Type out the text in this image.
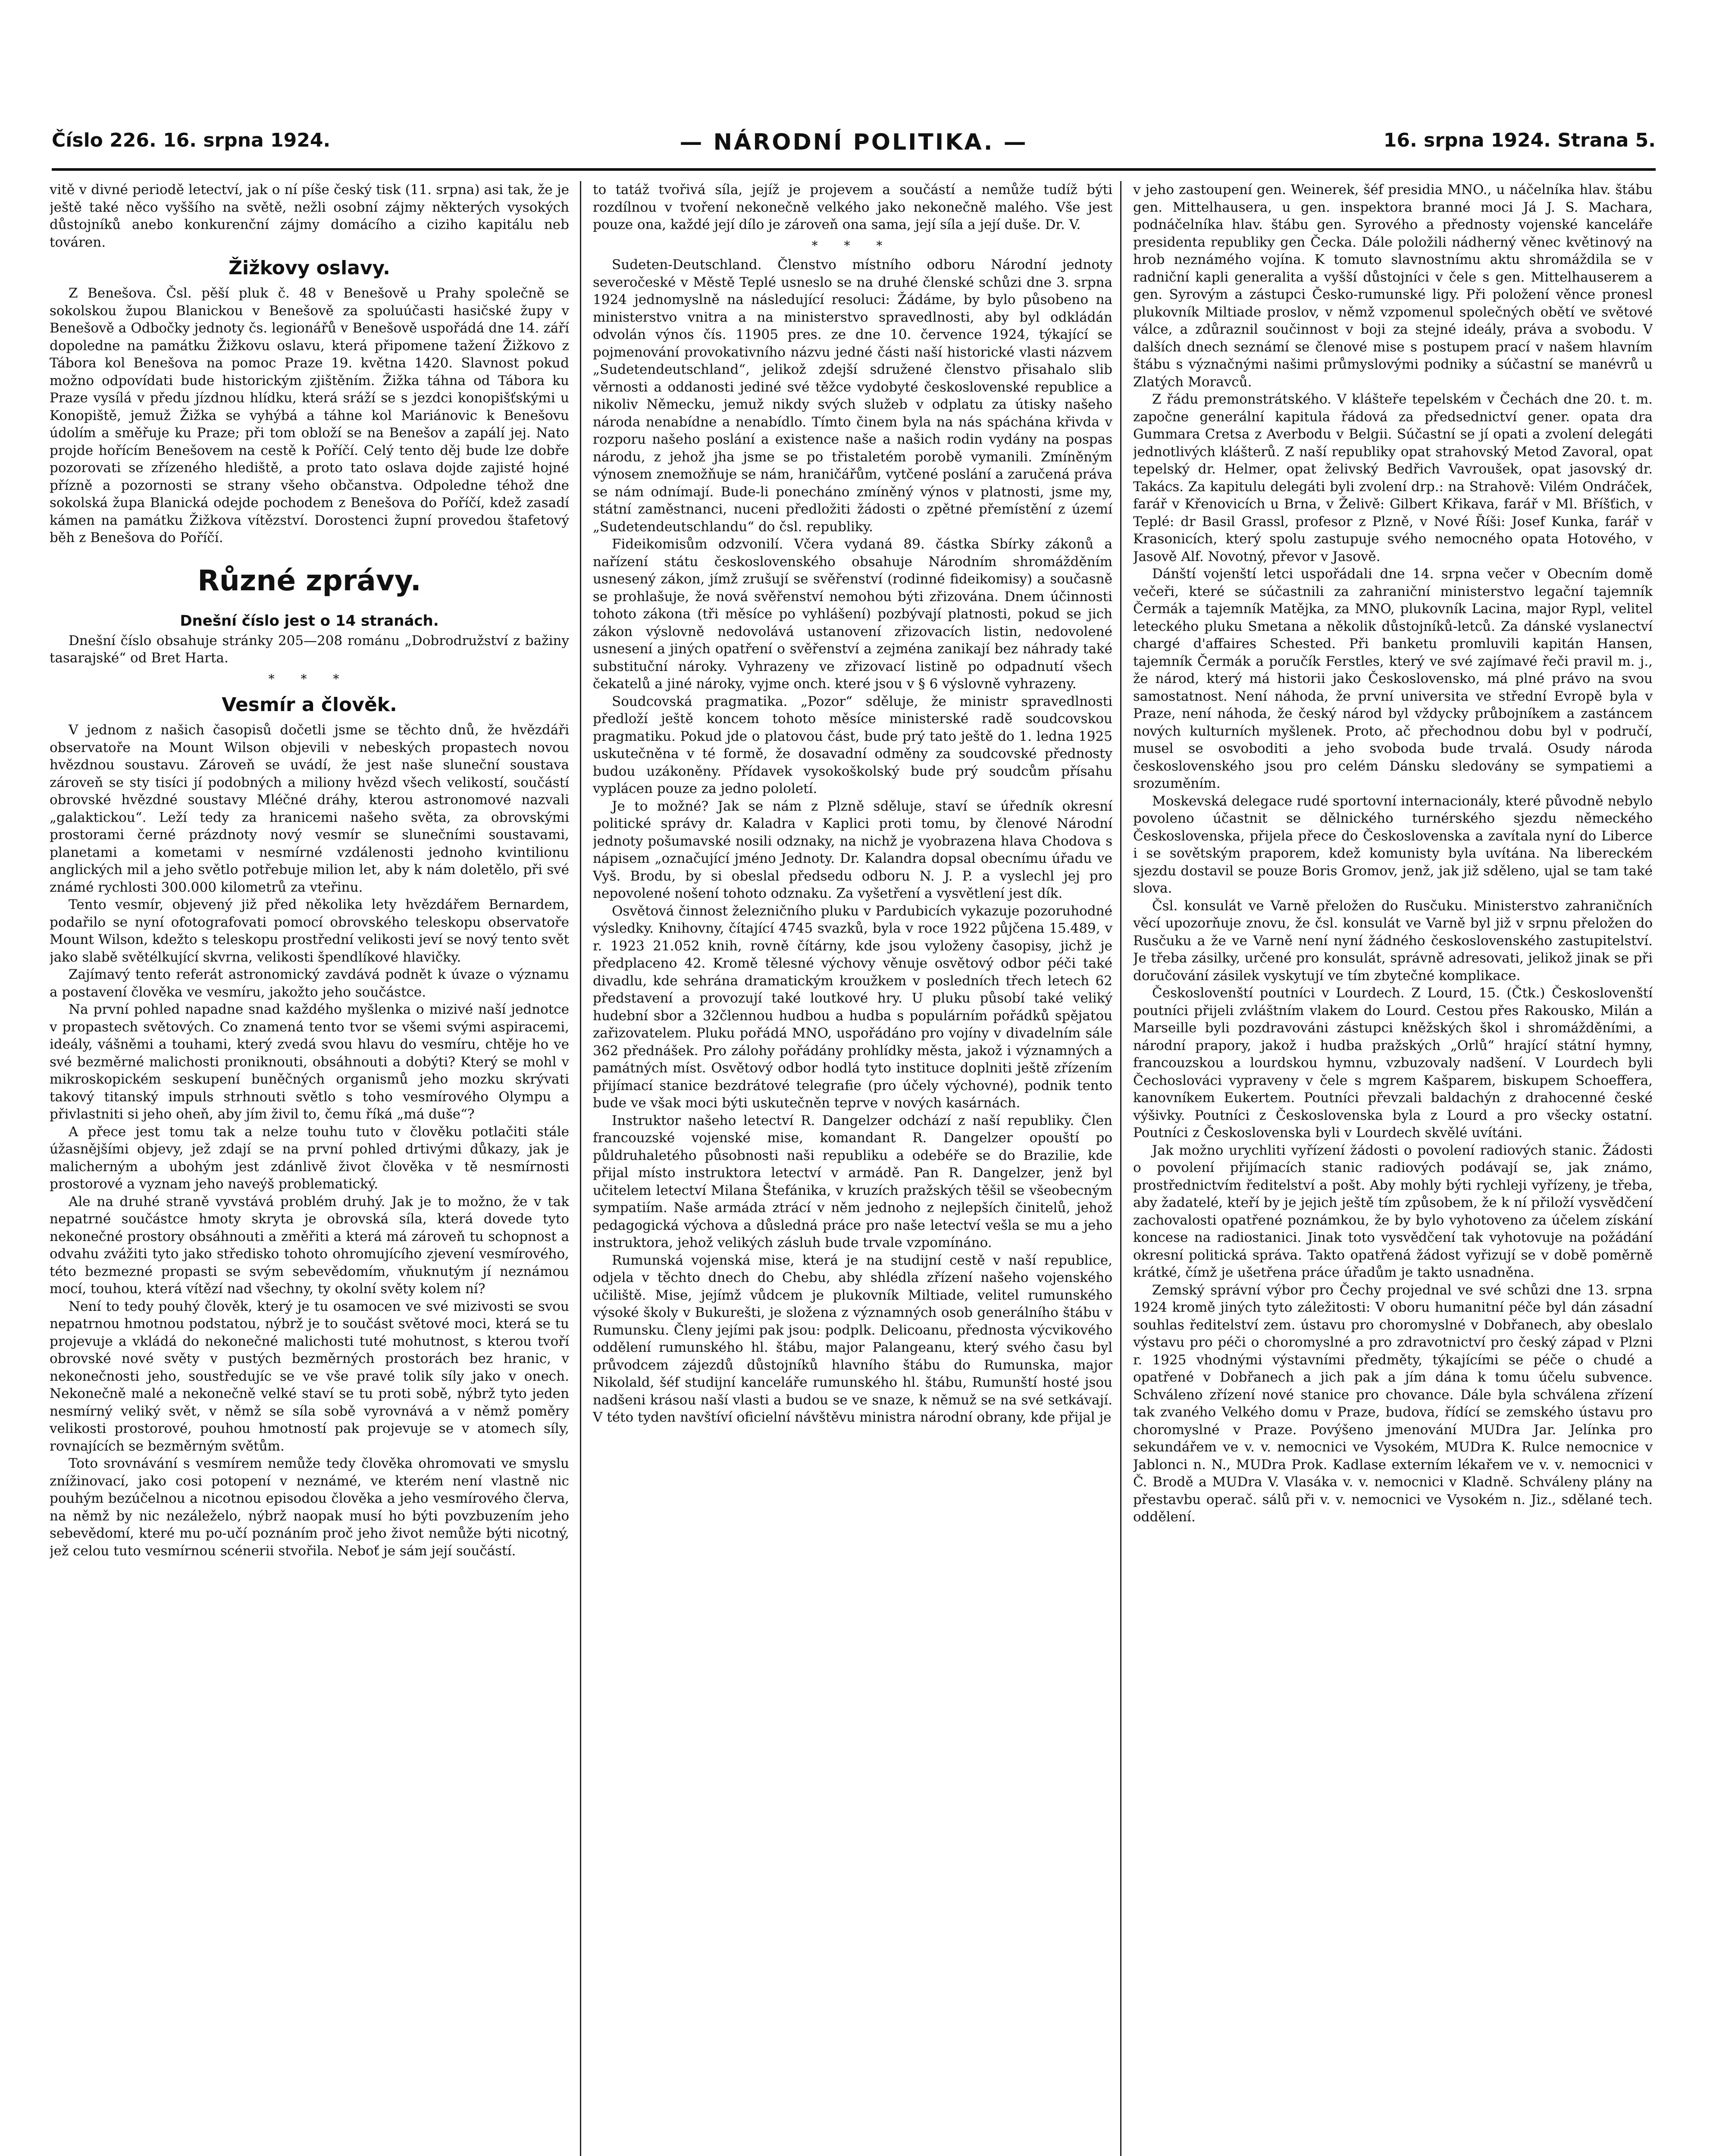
Číslo 226. 16. srpna 1924.	— NÁRODNÍ POLITIKA. —	16. srpna 1924. Strana 5.

vitě v divné periodě letectví, jak o ní píše český tisk (11. srpna) asi tak, že je ještě také něco vyššího na světě, nežli osobní zájmy některých vysokých důstojníků anebo konkurenční zájmy domácího a ciziho kapitálu neb továren.

Žižkovy oslavy.

Z Benešova. Čsl. pěší pluk č. 48 v Benešově u Prahy společně se sokolskou župou Blanickou v Benešově za spoluúčasti hasičské župy v Benešově a Odbočky jednoty čs. legionářů v Benešově uspořádá dne 14. září dopoledne na památku Žižkovu oslavu, která připomene tažení Žižkovo z Tábora kol Benešova na pomoc Praze 19. května 1420. Slavnost pokud možno odpovídati bude historickým zjištěním. Žižka táhna od Tábora ku Praze vysílá v předu jízdnou hlídku, která sráží se s jezdci konopišťskými u Konopiště, jemuž Žižka se vyhýbá a táhne kol Mariánovic k Benešovu údolím a směřuje ku Praze; při tom obloží se na Benešov a zapálí jej. Nato projde hořícím Benešovem na cestě k Poříčí. Celý tento děj bude lze dobře pozorovati se zřízeného hlediště, a proto tato oslava dojde zajisté hojné přízně a pozornosti se strany všeho občanstva. Odpoledne téhož dne sokolská župa Blanická odejde pochodem z Benešova do Poříčí, kdež zasadí kámen na památku Žižkova vítězství. Dorostenci župní provedou štafetový běh z Benešova do Poříčí.

Různé zprávy.
Dnešní číslo jest o 14 stranách.

Dnešní číslo obsahuje stránky 205—208 románu „Dobrodružství z bažiny tasarajské“ od Bret Harta.

* * *
Vesmír a člověk.

V jednom z našich časopisů dočetli jsme se těchto dnů, že hvězdáři observatoře na Mount Wilson objevili v nebeských propastech novou hvězdnou soustavu. Zároveň se uvádí, že jest naše sluneční soustava zároveň se sty tisíci jí podobných a miliony hvězd všech velikostí, součástí obrovské hvězdné soustavy Mléčné dráhy, kterou astronomové nazvali „galaktickou“. Leží tedy za hranicemi našeho světa, za obrovskými prostorami černé prázdnoty nový vesmír se slunečními soustavami, planetami a kometami v nesmírné vzdálenosti jednoho kvintilionu anglických mil a jeho světlo potřebuje milion let, aby k nám doletělo, při své známé rychlosti 300.000 kilometrů za vteřinu.

Tento vesmír, objevený již před několika lety hvězdářem Bernardem, podařilo se nyní ofotografovati pomocí obrovského teleskopu observatoře Mount Wilson, kdežto s teleskopu prostřední velikosti jeví se nový tento svět jako slabě světélkující skvrna, velikosti špendlíkové hlavičky.

Zajímavý tento referát astronomický zavdává podnět k úvaze o významu a postavení člověka ve vesmíru, jakožto jeho součástce.

Na první pohled napadne snad každého myšlenka o mizivé naší jednotce v propastech světových. Co znamená tento tvor se všemi svými aspiracemi, ideály, vášněmi a touhami, který zvedá svou hlavu do vesmíru, chtěje ho ve své bezměrné malichosti proniknouti, obsáhnouti a dobýti? Který se mohl v mikroskopickém seskupení buněčných organismů jeho mozku skrývati takový titanský impuls strhnouti světlo s toho vesmírového Olympu a přivlastniti si jeho oheň, aby jím živil to, čemu říká „má duše“?

A přece jest tomu tak a nelze touhu tuto v člověku potlačiti stále úžasnějšími objevy, jež zdají se na první pohled drtivými důkazy, jak je malicherným a ubohým jest zdánlivě život člověka v tě nesmírnosti prostorové a vyznam jeho naveýš problematický.

Ale na druhé straně vyvstává problém druhý. Jak je to možno, že v tak nepatrné součástce hmoty skryta je obrovská síla, která dovede tyto nekonečné prostory obsáhnouti a změřiti a která má zároveň tu schopnost a odvahu zvážiti tyto jako středisko tohoto ohromujícího zjevení vesmírového, této bezmezné propasti se svým sebevědomím, vňuknutým jí neznámou mocí, touhou, která vítězí nad všechny, ty okolní světy kolem ní?

Není to tedy pouhý člověk, který je tu osamocen ve své mizivosti se svou nepatrnou hmotnou podstatou, nýbrž je to součást světové moci, která se tu projevuje a vkládá do nekonečné malichosti tuté mohutnost, s kterou tvoří obrovské nové světy v pustých bezměrných prostorách bez hranic, v nekonečnosti jeho, soustředujíc se ve vše pravé tolik síly jako v onech. Nekonečně malé a nekonečně velké staví se tu proti sobě, nýbrž tyto jeden nesmírný veliký svět, v němž se síla sobě vyrovnává a v němž poměry velikosti prostorové, pouhou hmotností pak projevuje se v atomech síly, rovnajících se bezměrným světům.

Toto srovnávání s vesmírem nemůže tedy člověka ohromovati ve smyslu znížinovací, jako cosi potopení v neznámé, ve kterém není vlastně nic pouhým bezúčelnou a nicotnou episodou člověka a jeho vesmírového člerva, na němž by nic nezáleželo, nýbrž naopak musí ho býti povzbuzením jeho sebevědomí, které mu po-učí poznáním proč jeho život nemůže býti nicotný, jež celou tuto vesmírnou scénerii stvořila. Neboť je sám její součástí.

to tatáž tvořivá síla, jejíž je projevem a součástí a nemůže tudíž býti rozdílnou v tvoření nekonečně velkého jako nekonečně malého. Vše jest pouze ona, každé její dílo je zároveň ona sama, její síla a její duše. Dr. V.

* * *

Sudeten-Deutschland. Členstvo místního odboru Národní jednoty severočeské v Městě Teplé usneslo se na druhé členské schůzi dne 3. srpna 1924 jednomyslně na následující resoluci: Žádáme, by bylo působeno na ministerstvo vnitra a na ministerstvo spravedlnosti, aby byl odkládán odvolán výnos čís. 11905 pres. ze dne 10. července 1924, týkající se pojmenování provokativního názvu jedné části naší historické vlasti názvem „Sudetendeutschland“, jelikož zdejší sdružené členstvo přisahalo slib věrnosti a oddanosti jediné své těžce vydobyté československé republice a nikoliv Německu, jemuž nikdy svých služeb v odplatu za útisky našeho národa nenabídne a nenabídlo. Tímto činem byla na nás spáchána křivda v rozporu našeho poslání a existence naše a našich rodin vydány na pospas národu, z jehož jha jsme se po třistaletém porobě vymanili. Zmíněným výnosem znemožňuje se nám, hraničářům, vytčené poslání a zaručená práva se nám odnímají. Bude-li ponecháno zmíněný výnos v platnosti, jsme my, státní zaměstnanci, nuceni předložiti žádosti o zpětné přemístění z území „Sudetendeutschlandu“ do čsl. republiky.

Fideikomisům odzvonilí. Včera vydaná 89. částka Sbírky zákonů a nařízení státu československého obsahuje Národním shromážděním usnesený zákon, jímž zrušují se svěřenství (rodinné fideikomisy) a současně se prohlašuje, že nová svěřenství nemohou býti zřizována. Dnem účinnosti tohoto zákona (tři měsíce po vyhlášení) pozbývají platnosti, pokud se jich zákon výslovně nedovolává ustanovení zřizovacích listin, nedovolené usnesení a jiných opatření o svěřenství a zejména zanikají bez náhrady také substituční nároky. Vyhrazeny ve zřizovací listině po odpadnutí všech čekatelů a jiné nároky, vyjme onch. které jsou v § 6 výslovně vyhrazeny.

Soudcovská pragmatika. „Pozor“ sděluje, že ministr spravedlnosti předloží ještě koncem tohoto měsíce ministerské radě soudcovskou pragmatiku. Pokud jde o platovou část, bude prý tato ještě do 1. ledna 1925 uskutečněna v té formě, že dosavadní odměny za soudcovské přednosty budou uzákoněny. Přídavek vysokoškolský bude prý soudcům přísahu vyplácen pouze za jedno pololetí.

Je to možné? Jak se nám z Plzně sděluje, staví se úředník okresní politické správy dr. Kaladra v Kaplici proti tomu, by členové Národní jednoty pošumavské nosili odznaky, na nichž je vyobrazena hlava Chodova s nápisem „označující jméno Jednoty. Dr. Kalandra dopsal obecnímu úřadu ve Vyš. Brodu, by si obeslal předsedu odboru N. J. P. a vyslechl jej pro nepovolené nošení tohoto odznaku. Za vyšetření a vysvětlení jest dík.

Osvětová činnost železničního pluku v Pardubicích vykazuje pozoruhodné výsledky. Knihovny, čítající 4745 svazků, byla v roce 1922 půjčena 15.489, v r. 1923 21.052 knih, rovně čítárny, kde jsou vyloženy časopisy, jichž je předplaceno 42. Kromě tělesné výchovy věnuje osvětový odbor péči také divadlu, kde sehrána dramatickým kroužkem v posledních třech letech 62 představení a provozují také loutkové hry. U pluku působí také veliký hudební sbor a 32člennou hudbou a hudba s populárním pořádků spějatou zařizovatelem. Pluku pořádá MNO, uspořádáno pro vojíny v divadelním sále 362 přednášek. Pro zálohy pořádány prohlídky města, jakož i významných a památných míst. Osvětový odbor hodlá tyto instituce doplniti ještě zřízením přijímací stanice bezdrátové telegrafie (pro účely výchovné), podnik tento bude ve však moci býti uskutečněn teprve v nových kasárnách.

Instruktor našeho letectví R. Dangelzer odchází z naší republiky. Člen francouzské vojenské mise, komandant R. Dangelzer opouští po půldruhaletého působnosti naši republiku a odebéře se do Brazilie, kde přijal místo instruktora letectví v armádě. Pan R. Dangelzer, jenž byl učitelem letectví Milana Štefánika, v kruzích pražských těšil se všeobecným sympatiím. Naše armáda ztrácí v něm jednoho z nejlepších činitelů, jehož pedagogická výchova a důsledná práce pro naše letectví vešla se mu a jeho instruktora, jehož velikých zásluh bude trvale vzpomínáno.

Rumunská vojenská mise, která je na studijní cestě v naší republice, odjela v těchto dnech do Chebu, aby shlédla zřízení našeho vojenského učiliště. Mise, jejímž vůdcem je plukovník Miltiade, velitel rumunského výsoké školy v Bukurešti, je složena z významných osob generálního štábu v Rumunsku. Členy jejími pak jsou: podplk. Delicoanu, přednosta výcvikového oddělení rumunského hl. štábu, major Palangeanu, který svého času byl průvodcem zájezdů důstojníků hlavního štábu do Rumunska, major Nikolald, šéf studijní kanceláře rumunského hl. štábu, Rumunští hosté jsou nadšeni krásou naší vlasti a budou se ve snaze, k němuž se na své setkávají. V této tyden navštíví oficielní návštěvu ministra národní obrany, kde přijal je

v jeho zastoupení gen. Weinerek, šéf presidia MNO., u náčelníka hlav. štábu gen. Mittelhausera, u gen. inspektora branné moci Já J. S. Machara, podnáčelníka hlav. štábu gen. Syrového a přednosty vojenské kanceláře presidenta republiky gen Čecka. Dále položili nádherný věnec květinový na hrob neznámého vojína. K tomuto slavnostnímu aktu shromáždila se v radniční kapli generalita a vyšší důstojníci v čele s gen. Mittelhauserem a gen. Syrovým a zástupci Česko-rumunské ligy. Při položení věnce pronesl plukovník Miltiade proslov, v němž vzpomenul společných obětí ve světové válce, a zdůraznil součinnost v boji za stejné ideály, práva a svobodu. V dalších dnech seznámí se členové mise s postupem prací v našem hlavním štábu s význačnými našimi průmyslovými podniky a súčastní se manévrů u Zlatých Moravců.

Z řádu premonstrátského. V klášteře tepelském v Čechách dne 20. t. m. započne generální kapitula řádová za předsednictví gener. opata dra Gummara Cretsa z Averbodu v Belgii. Súčastní se jí opati a zvolení delegáti jednotlivých klášterů. Z naší republiky opat strahovský Metod Zavoral, opat tepelský dr. Helmer, opat želivský Bedřich Vavroušek, opat jasovský dr. Takács. Za kapitulu delegáti byli zvolení drp.: na Strahově: Vilém Ondráček, farář v Křenovicích u Brna, v Želivě: Gilbert Křikava, farář v Ml. Bříšťich, v Teplé: dr Basil Grassl, profesor z Plzně, v Nové Říši: Josef Kunka, farář v Krasonicích, který spolu zastupuje svého nemocného opata Hotového, v Jasově Alf. Novotný, převor v Jasově.

Dánští vojenští letci uspořádali dne 14. srpna večer v Obecním domě večeři, které se súčastnili za zahraniční ministerstvo legační tajemník Čermák a tajemník Matějka, za MNO, plukovník Lacina, major Rypl, velitel leteckého pluku Smetana a několik důstojníků-letců. Za dánské vyslanectví chargé d'affaires Schested. Při banketu promluvili kapitán Hansen, tajemník Čermák a poručík Ferstles, který ve své zajímavé řeči pravil m. j., že národ, který má historii jako Československo, má plné právo na svou samostatnost. Není náhoda, že první universita ve střední Evropě byla v Praze, není náhoda, že český národ byl vždycky průbojníkem a zastáncem nových kulturních myšlenek. Proto, ač přechodnou dobu byl v područí, musel se osvoboditi a jeho svoboda bude trvalá. Osudy národa československého jsou pro celém Dánsku sledovány se sympatiemi a srozuměním.

Moskevská delegace rudé sportovní internacionály, které původně nebylo povoleno účastnit se dělnického turnérského sjezdu německého Československa, přijela přece do Československa a zavítala nyní do Liberce i se sovětským praporem, kdež komunisty byla uvítána. Na libereckém sjezdu dostavil se pouze Boris Gromov, jenž, jak již sděleno, ujal se tam také slova.

Čsl. konsulát ve Varně přeložen do Rusčuku. Ministerstvo zahraničních věcí upozorňuje znovu, že čsl. konsulát ve Varně byl již v srpnu přeložen do Rusčuku a že ve Varně není nyní žádného československého zastupitelství. Je třeba zásilky, určené pro konsulát, správně adresovati, jelikož jinak se při doručování zásilek vyskytují ve tím zbytečné komplikace.

Českoslovenští poutníci v Lourdech. Z Lourd, 15. (Čtk.) Českoslovenští poutníci přijeli zvláštním vlakem do Lourd. Cestou přes Rakousko, Milán a Marseille byli pozdravováni zástupci kněžských škol i shromážděními, a národní prapory, jakož i hudba pražských „Orlů“ hrající státní hymny, francouzskou a lourdskou hymnu, vzbuzovaly nadšení. V Lourdech byli Čechoslováci vypraveny v čele s mgrem Kašparem, biskupem Schoeffera, kanovníkem Eukertem. Poutníci převzali baldachýn z drahocenné české výšivky. Poutníci z Československa byla z Lourd a pro všecky ostatní. Poutníci z Československa byli v Lourdech skvělé uvítáni.

Jak možno urychliti vyřízení žádosti o povolení radiových stanic. Žádosti o povolení přijímacích stanic radiových podávají se, jak známo, prostřednictvím ředitelství a pošt. Aby mohly býti rychleji vyřízeny, je třeba, aby žadatelé, kteří by je jejich ještě tím způsobem, že k ní přiloží vysvědčení zachovalosti opatřené poznámkou, že by bylo vyhotoveno za účelem získání koncese na radiostanici. Jinak toto vysvědčení tak vyhotovuje na požádání okresní politická správa. Takto opatřená žádost vyřizují se v době poměrně krátké, čímž je ušetřena práce úřadům je takto usnadněna.

Zemský správní výbor pro Čechy projednal ve své schůzi dne 13. srpna 1924 kromě jiných tyto záležitosti: V oboru humanitní péče byl dán zásadní souhlas ředitelství zem. ústavu pro choromyslné v Dobřanech, aby obeslalo výstavu pro péči o choromyslné a pro zdravotnictví pro český západ v Plzni r. 1925 vhodnými výstavními předměty, týkajícími se péče o chudé a opatřené v Dobřanech a jich pak a jím dána k tomu účelu subvence. Schváleno zřízení nové stanice pro chovance. Dále byla schválena zřízení tak zvaného Velkého domu v Praze, budova, řídící se zemského ústavu pro choromyslné v Praze. Povýšeno jmenování MUDra Jar. Jelínka pro sekundářem ve v. v. nemocnici ve Vysokém, MUDra K. Rulce nemocnice v Jablonci n. N., MUDra Prok. Kadlase externím lékařem ve v. v. nemocnici v Č. Brodě a MUDra V. Vlasáka v. v. nemocnici v Kladně. Schváleny plány na přestavbu operač. sálů při v. v. nemocnici ve Vysokém n. Jiz., sdělané tech. oddělení.
